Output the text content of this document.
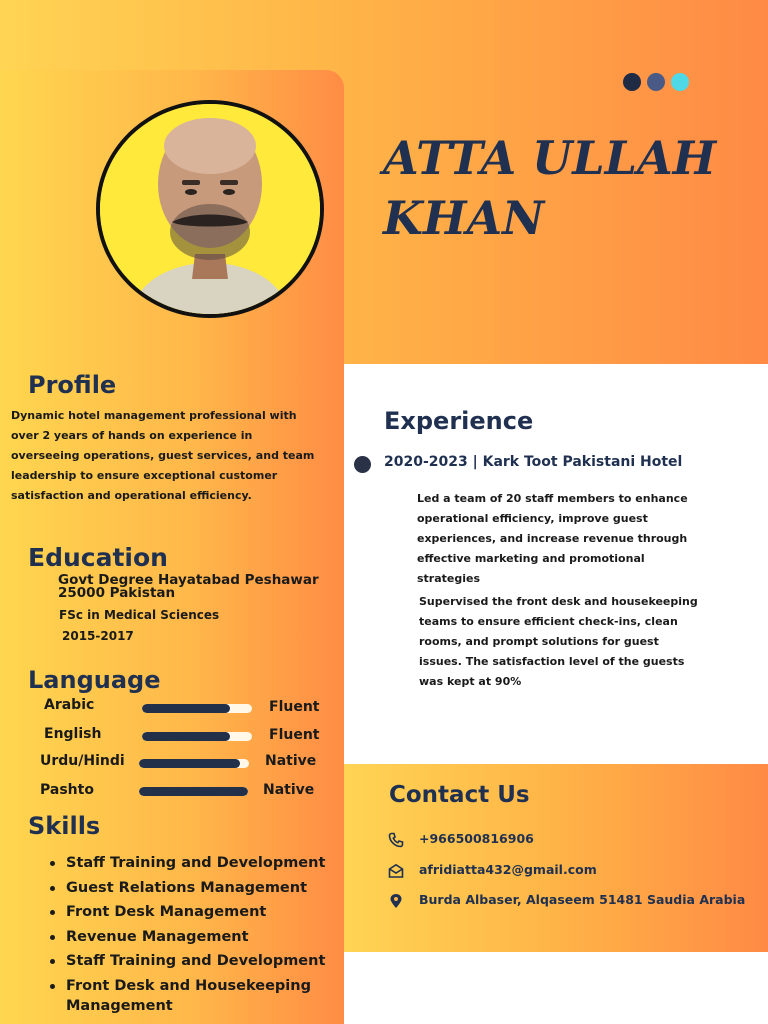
ATTA ULLAH
KHAN
Profile
Dynamic hotel management professional with
over 2 years of hands on experience in
overseeing operations, guest services, and team
leadership to ensure exceptional customer
satisfaction and operational efficiency.
Education
Govt Degree Hayatabad Peshawar
25000 Pakistan
FSc in Medical Sciences
2015-2017
Language
Arabic	Fluent
English	Fluent
Urdu/Hindi	Native
Pashto	Native
Skills
Staff Training and Development
Guest Relations Management
Front Desk Management
Revenue Management
Staff Training and Development
Front Desk and Housekeeping
Management
Experience
2020-2023 | Kark Toot Pakistani Hotel
Led a team of 20 staff members to enhance
operational efficiency, improve guest
experiences, and increase revenue through
effective marketing and promotional
strategies
Supervised the front desk and housekeeping
teams to ensure efficient check-ins, clean
rooms, and prompt solutions for guest
issues. The satisfaction level of the guests
was kept at 90%
Contact Us
+966500816906
afridiatta432@gmail.com
Burda Albaser, Alqaseem 51481 Saudia Arabia
